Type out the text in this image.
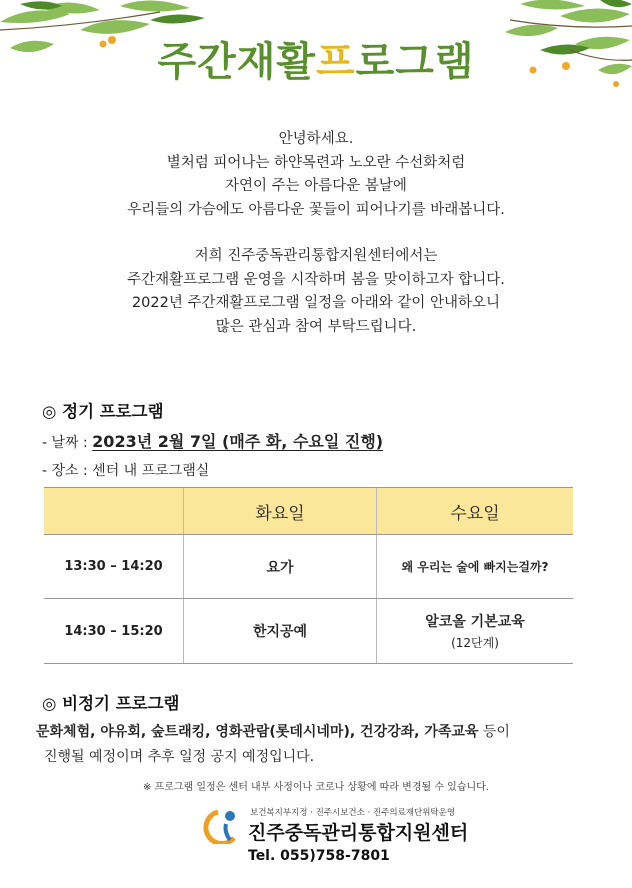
주간재활프로그램

안녕하세요.

별처럼 피어나는 하얀목련과 노오란 수선화처럼

자연이 주는 아름다운 봄날에

우리들의 가슴에도 아름다운 꽃들이 피어나기를 바래봅니다.

저희 진주중독관리통합지원센터에서는

주간재활프로그램 운영을 시작하며 봄을 맞이하고자 합니다.

2022년 주간재활프로그램 일정을 아래와 같이 안내하오니

많은 관심과 참여 부탁드립니다.

◎ 정기 프로그램
- 날짜 : 2023년 2월 7일 (매주 화, 수요일 진행)
- 장소 : 센터 내 프로그램실
	화요일	수요일
13:30 – 14:20	요가	왜 우리는 술에 빠지는걸까?
14:30 – 15:20	한지공예	알코올 기본교육
(12단계)
◎ 비정기 프로그램
문화체험, 야유회, 숲트래킹, 영화관람(롯데시네마), 건강강좌, 가족교육 등이
진행될 예정이며 추후 일정 공지 예정입니다.
※ 프로그램 일정은 센터 내부 사정이나 코로나 상황에 따라 변경될 수 있습니다.
보건복지부지정 · 진주시보건소 · 진주의료재단위탁운영
진주중독관리통합지원센터
Tel. 055)758-7801
